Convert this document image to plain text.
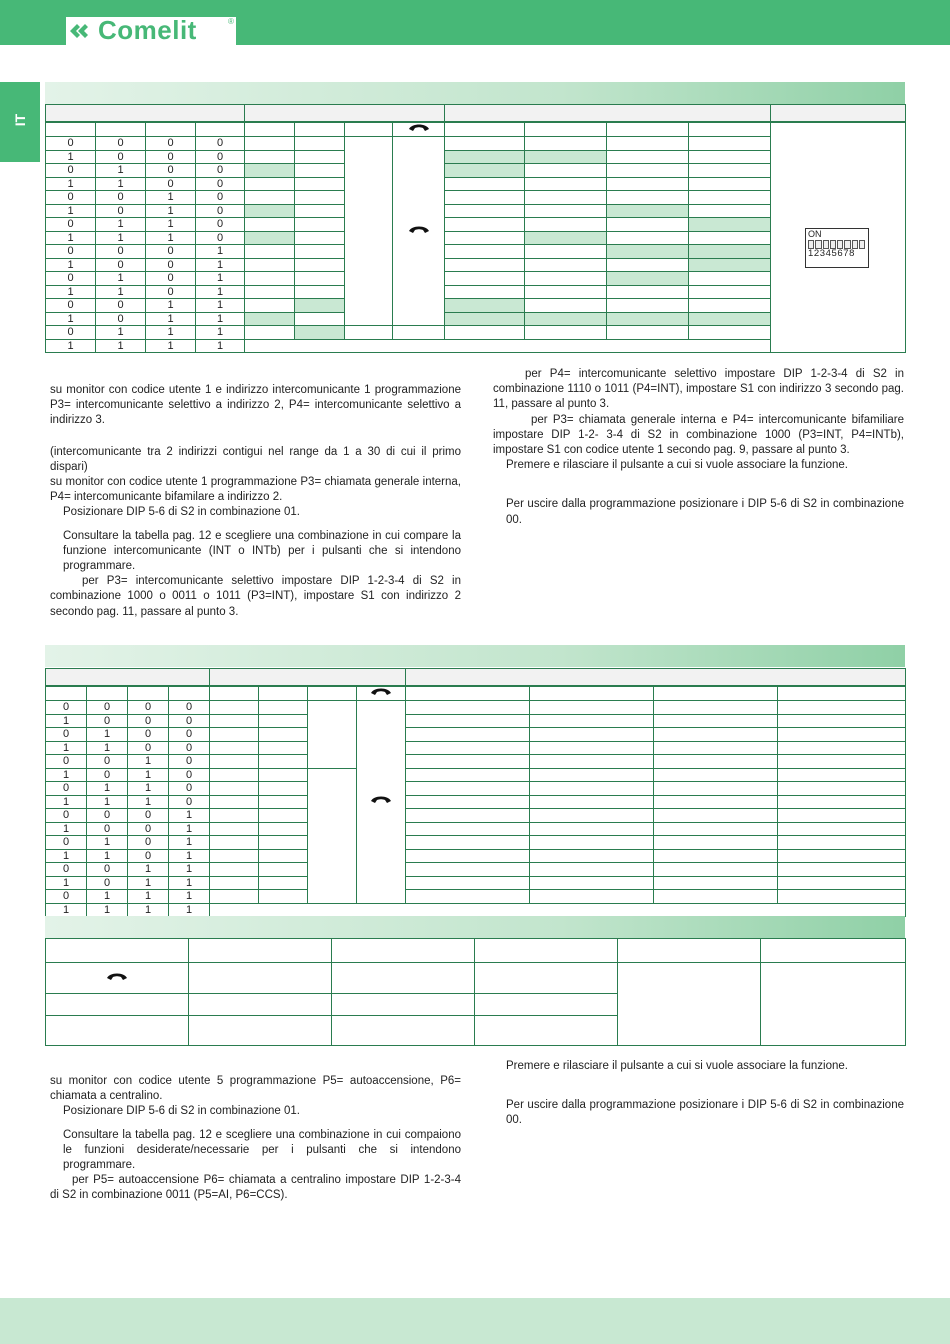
Comelit	®
IT

0	0	0	0				

1	0	0	0									
0	1	0	0									
1	1	0	0									
0	0	1	0									
1	0	1	0									
0	1	1	0									
1	1	1	0									
0	0	0	1									
1	0	0	1									
0	1	0	1									
1	1	0	1									
0	0	1	1									
1	0	1	1									
0	1	1	1									
1	1	1	1									
ON
12345678

su monitor con codice utente 1 e indirizzo intercomunicante 1 programmazione P3= intercomunicante selettivo a indirizzo 2, P4= intercomunicante selettivo a indirizzo 3.

(intercomunicante tra 2 indirizzi contigui nel range da 1 a 30 di cui il primo dispari)

su monitor con codice utente 1 programmazione P3= chiamata generale interna, P4= intercomunicante bifamilare a indirizzo 2.

Posizionare DIP 5-6 di S2 in combinazione 01.

Consultare la tabella pag. 12 e scegliere una combinazione in cui compare la funzione intercomunicante (INT o INTb) per i pulsanti che si intendono programmare.

per P3= intercomunicante selettivo impostare DIP 1-2-3-4 di S2 in combinazione 1000 o 0011 o 1011 (P3=INT), impostare S1 con indirizzo 2 secondo pag. 11, passare al punto 3.

per P4= intercomunicante selettivo impostare DIP 1-2-3-4 di S2 in combinazione 1110 o 1011 (P4=INT), impostare S1 con indirizzo 3 secondo pag. 11, passare al punto 3.

per P3= chiamata generale interna e P4= intercomunicante bifamiliare impostare DIP 1-2- 3-4 di S2 in combinazione 1000 (P3=INT, P4=INTb), impostare S1 con codice utente 1 secondo pag. 9, passare al punto 3.

Premere e rilasciare il pulsante a cui si vuole associare la funzione.

Per uscire dalla programmazione posizionare i DIP 5-6 di S2 in combinazione 00.

0	0	0	0				

1	0	0	0								
0	1	0	0								
1	1	0	0								
0	0	1	0								
1	0	1	0								
0	1	1	0								
1	1	1	0								
0	0	0	1								
1	0	0	1								
0	1	0	1								
1	1	0	1								
0	0	1	1								
1	0	1	1								
0	1	1	1								
1	1	1	1								

su monitor con codice utente 5 programmazione P5= autoaccensione, P6= chiamata a centralino.

Posizionare DIP 5-6 di S2 in combinazione 01.

Consultare la tabella pag. 12 e scegliere una combinazione in cui compaiono le funzioni desiderate/necessarie per i pulsanti che si intendono programmare.

per P5= autoaccensione P6= chiamata a centralino impostare DIP 1-2-3-4 di S2 in combinazione 0011 (P5=AI, P6=CCS).

Premere e rilasciare il pulsante a cui si vuole associare la funzione.

Per uscire dalla programmazione posizionare i DIP 5-6 di S2 in combinazione 00.
